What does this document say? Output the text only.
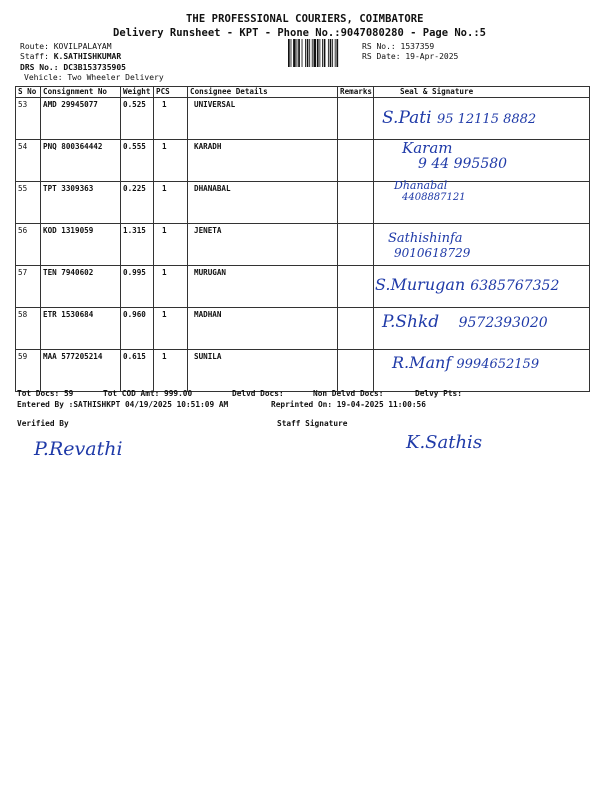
THE PROFESSIONAL COURIERS, COIMBATORE
Delivery Runsheet - KPT - Phone No.:9047080280 - Page No.:5
Route: KOVILPALAYAM
Staff: K.SATHISHKUMAR
DRS No.: DC3B153735905
Vehicle: Two Wheeler Delivery
RS No.: 1537359
RS Date: 19-Apr-2025
S No	Consignment No	Weight	PCS	Consignee Details	Remarks	Seal & Signature
53	AMD 29945077	0.525	1	UNIVERSAL		
54	PNQ 800364442	0.555	1	KARADH		
55	TPT 3309363	0.225	1	DHANABAL		
56	KOD 1319059	1.315	1	JENETA		
57	TEN 7940602	0.995	1	MURUGAN		
58	ETR 1530684	0.960	1	MADHAN		
59	MAA 577205214	0.615	1	SUNILA		
S.Pati 95 12115 8882
Karam
9 44 995580
Dhanabal
4408887121
Sathishinfa
9010618729
S.Murugan 6385767352
P.Shkd 9572393020
R.Manf 9994652159
Tot Docs: 59	Tot COD Amt: 999.00	Delvd Docs:	Non Delvd Docs:	Delvy Pts:
Entered By :SATHISHKPT 04/19/2025 10:51:09 AM	Reprinted On: 19-04-2025 11:00:56
Verified By	Staff Signature
P.Revathi	K.Sathis
